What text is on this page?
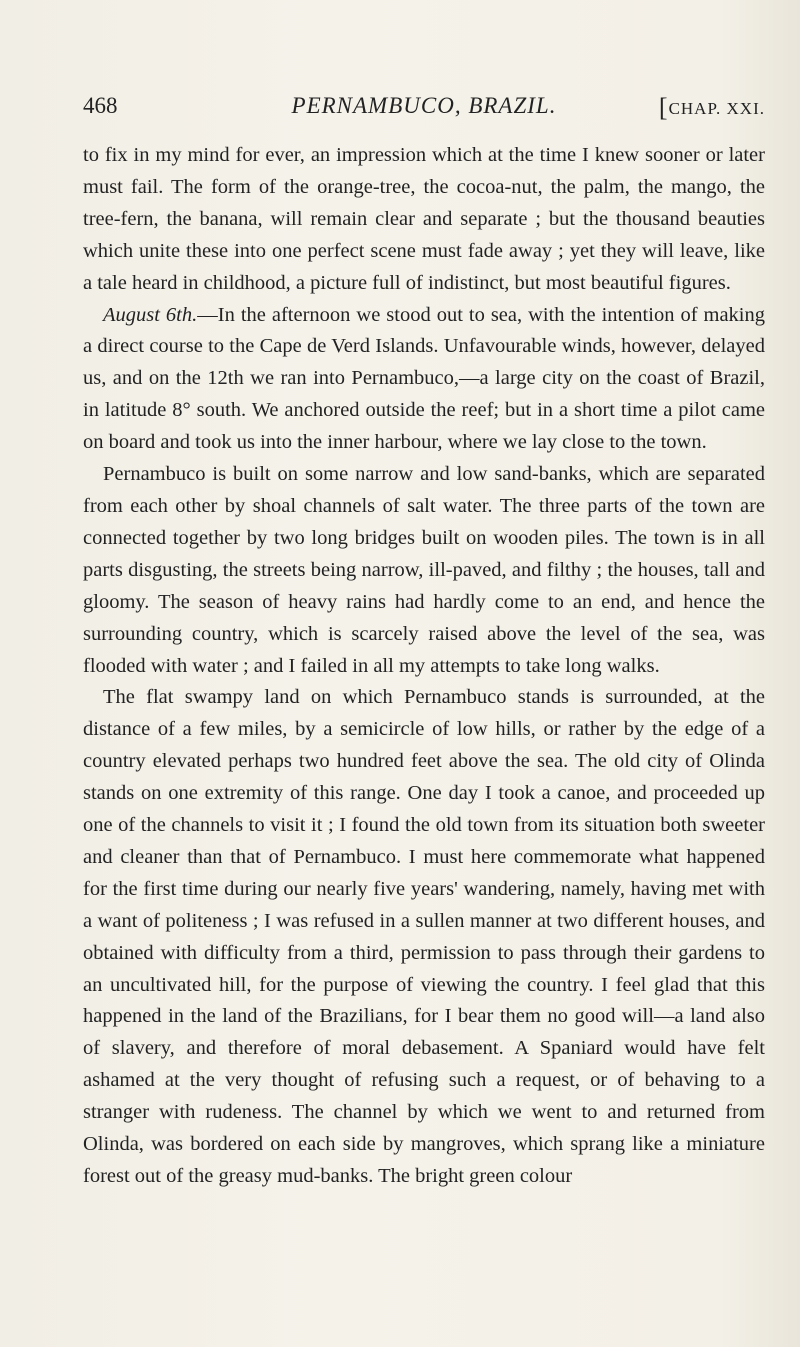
468	PERNAMBUCO, BRAZIL.	[CHAP. XXI.

to fix in my mind for ever, an impression which at the time I knew sooner or later must fail. The form of the orange-tree, the cocoa-nut, the palm, the mango, the tree-fern, the banana, will remain clear and separate ; but the thousand beauties which unite these into one perfect scene must fade away ; yet they will leave, like a tale heard in childhood, a picture full of indistinct, but most beautiful figures.

August 6th.—In the afternoon we stood out to sea, with the intention of making a direct course to the Cape de Verd Islands. Unfavourable winds, however, delayed us, and on the 12th we ran into Pernambuco,—a large city on the coast of Brazil, in latitude 8° south. We anchored outside the reef; but in a short time a pilot came on board and took us into the inner harbour, where we lay close to the town.

Pernambuco is built on some narrow and low sand-banks, which are separated from each other by shoal channels of salt water. The three parts of the town are connected together by two long bridges built on wooden piles. The town is in all parts disgusting, the streets being narrow, ill-paved, and filthy ; the houses, tall and gloomy. The season of heavy rains had hardly come to an end, and hence the surrounding country, which is scarcely raised above the level of the sea, was flooded with water ; and I failed in all my attempts to take long walks.

The flat swampy land on which Pernambuco stands is surrounded, at the distance of a few miles, by a semicircle of low hills, or rather by the edge of a country elevated perhaps two hundred feet above the sea. The old city of Olinda stands on one extremity of this range. One day I took a canoe, and proceeded up one of the channels to visit it ; I found the old town from its situation both sweeter and cleaner than that of Pernambuco. I must here commemorate what happened for the first time during our nearly five years' wandering, namely, having met with a want of politeness ; I was refused in a sullen manner at two different houses, and obtained with difficulty from a third, permission to pass through their gardens to an uncultivated hill, for the purpose of viewing the country. I feel glad that this happened in the land of the Brazilians, for I bear them no good will—a land also of slavery, and therefore of moral debasement. A Spaniard would have felt ashamed at the very thought of refusing such a request, or of behaving to a stranger with rudeness. The channel by which we went to and returned from Olinda, was bordered on each side by mangroves, which sprang like a miniature forest out of the greasy mud-banks. The bright green colour
